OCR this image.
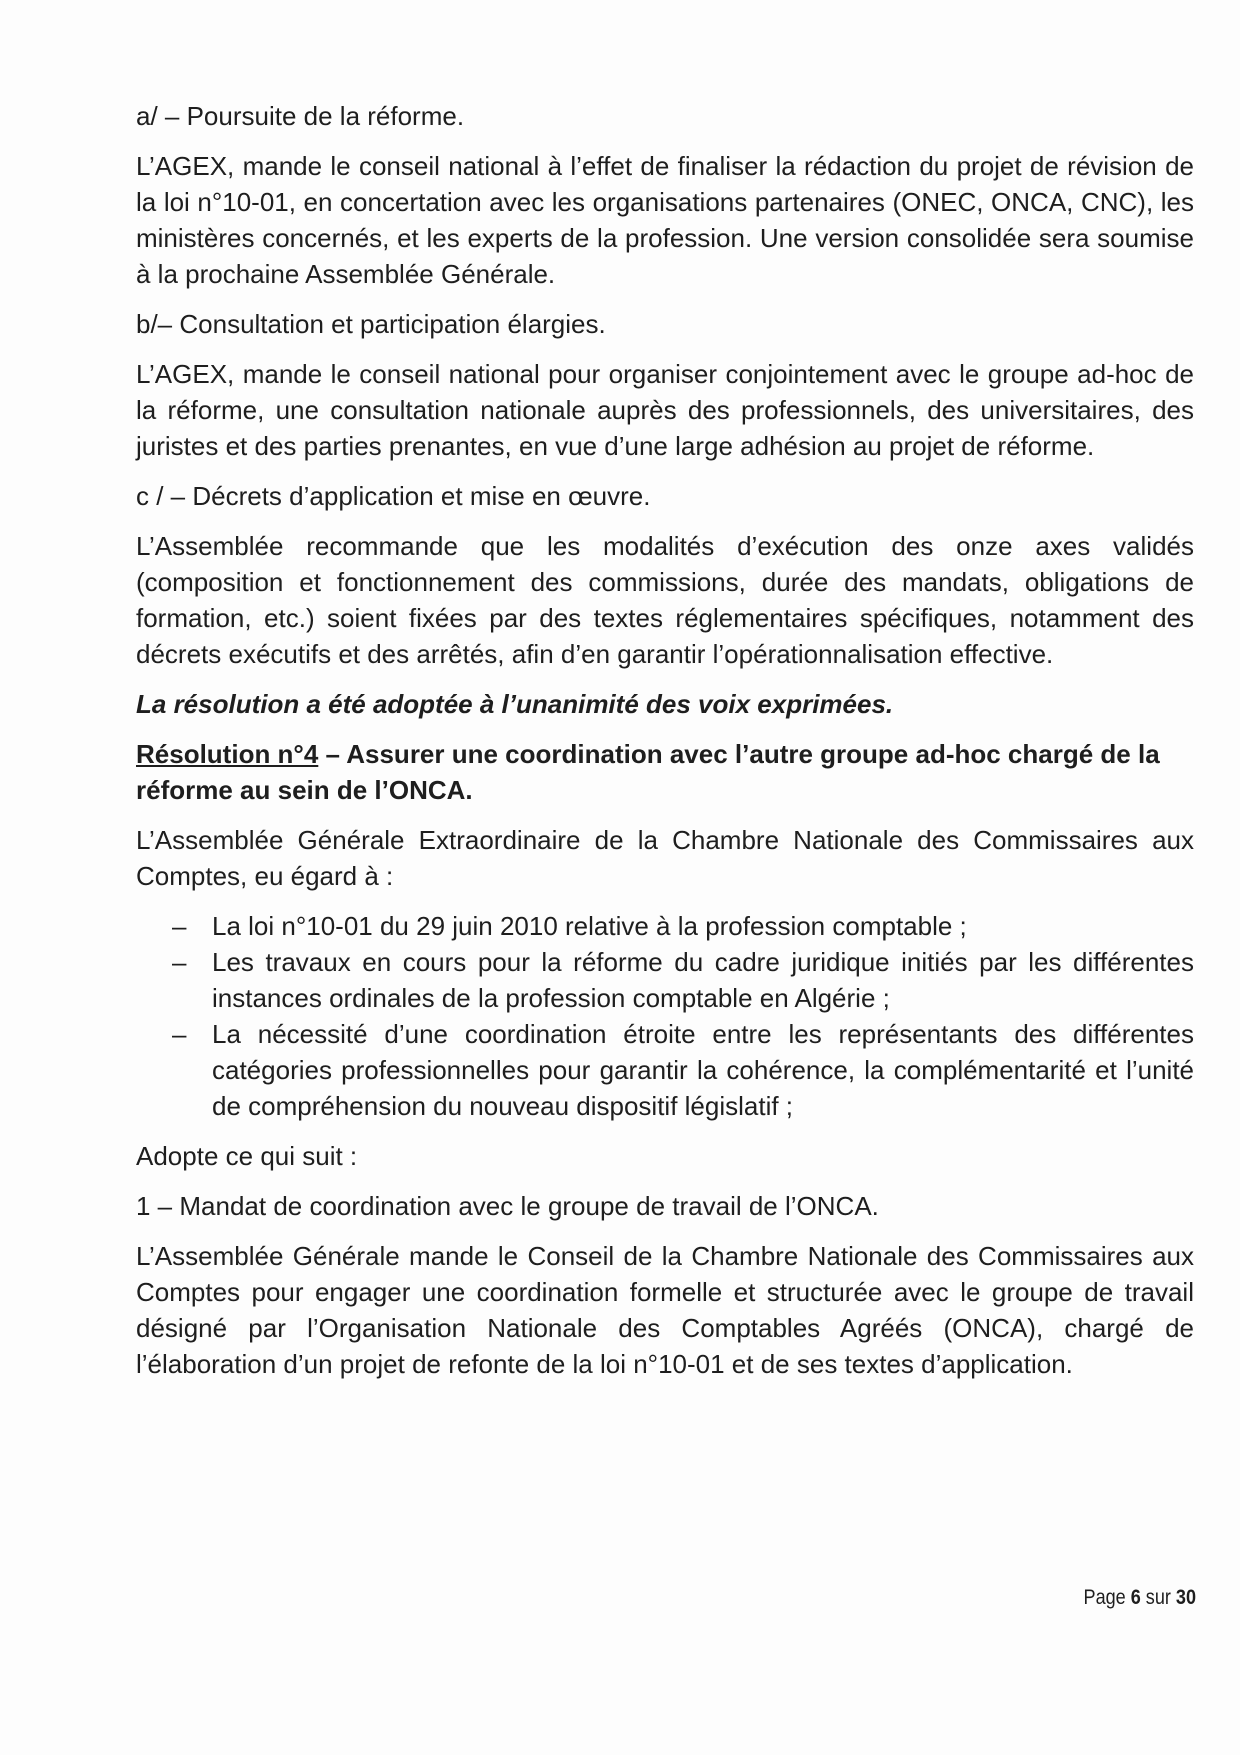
a/ – Poursuite de la réforme.

L’AGEX, mande le conseil national à l’effet de finaliser la rédaction du projet de révision de la loi n°10-01, en concertation avec les organisations partenaires (ONEC, ONCA, CNC), les ministères concernés, et les experts de la profession. Une version consolidée sera soumise à la prochaine Assemblée Générale.

b/– Consultation et participation élargies.

L’AGEX, mande le conseil national pour organiser conjointement avec le groupe ad-hoc de la réforme, une consultation nationale auprès des professionnels, des universitaires, des juristes et des parties prenantes, en vue d’une large adhésion au projet de réforme.

c / – Décrets d’application et mise en œuvre.

L’Assemblée recommande que les modalités d’exécution des onze axes validés (composition et fonctionnement des commissions, durée des mandats, obligations de formation, etc.) soient fixées par des textes réglementaires spécifiques, notamment des décrets exécutifs et des arrêtés, afin d’en garantir l’opérationnalisation effective.

La résolution a été adoptée à l’unanimité des voix exprimées.

Résolution n°4 – Assurer une coordination avec l’autre groupe ad-hoc chargé de la réforme au sein de l’ONCA.

L’Assemblée Générale Extraordinaire de la Chambre Nationale des Commissaires aux Comptes, eu égard à :

– La loi n°10-01 du 29 juin 2010 relative à la profession comptable ;
– Les travaux en cours pour la réforme du cadre juridique initiés par les différentes instances ordinales de la profession comptable en Algérie ;
– La nécessité d’une coordination étroite entre les représentants des différentes catégories professionnelles pour garantir la cohérence, la complémentarité et l’unité de compréhension du nouveau dispositif législatif ;

Adopte ce qui suit :

1 – Mandat de coordination avec le groupe de travail de l’ONCA.

L’Assemblée Générale mande le Conseil de la Chambre Nationale des Commissaires aux Comptes pour engager une coordination formelle et structurée avec le groupe de travail désigné par l’Organisation Nationale des Comptables Agréés (ONCA), chargé de l’élaboration d’un projet de refonte de la loi n°10-01 et de ses textes d’application.

Page 6 sur 30
